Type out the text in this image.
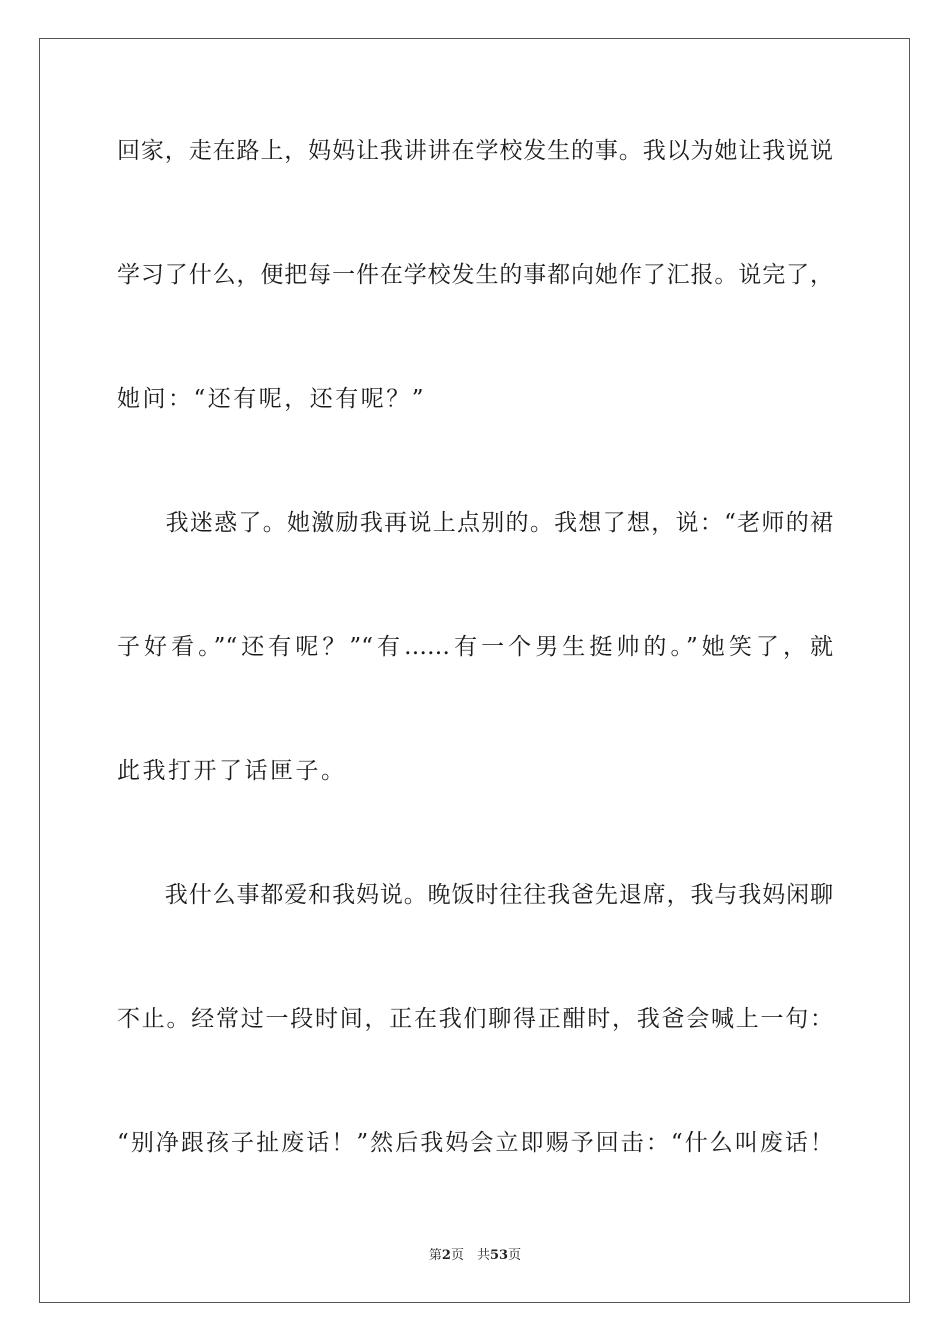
回家，走在路上，妈妈让我讲讲在学校发生的事。我以为她让我说说
学习了什么，便把每一件在学校发生的事都向她作了汇报。说完了，
她问：“还有呢，还有呢？”
　　我迷惑了。她激励我再说上点别的。我想了想，说：“老师的裙
子好看。”“还有呢？”“有……有一个男生挺帅的。”她笑了，就
此我打开了话匣子。
　　我什么事都爱和我妈说。晚饭时往往我爸先退席，我与我妈闲聊
不止。经常过一段时间，正在我们聊得正酣时，我爸会喊上一句：
“别净跟孩子扯废话！”然后我妈会立即赐予回击：“什么叫废话！
第2页　共53页
